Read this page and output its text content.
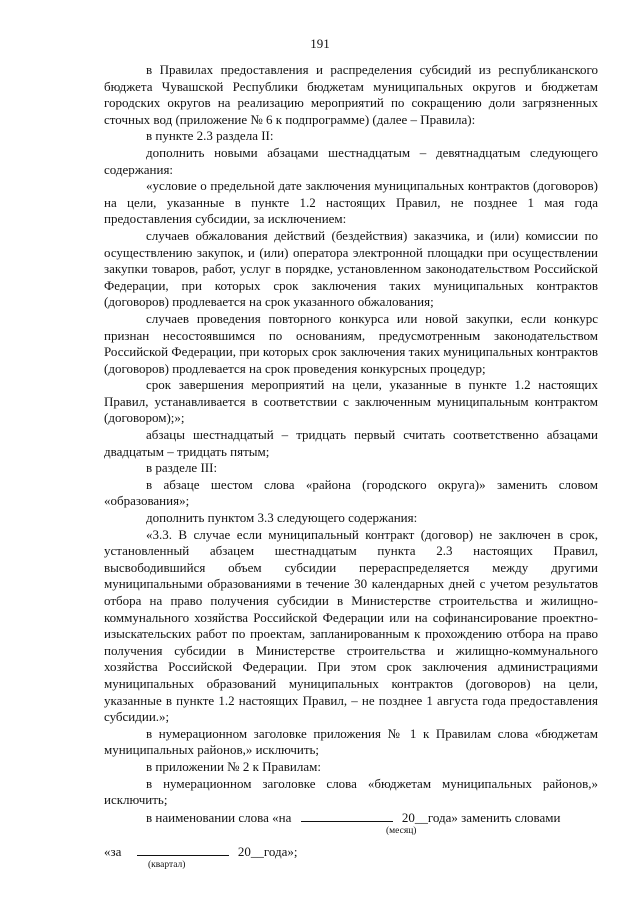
191

в Правилах предоставления и распределения субсидий из республиканского бюджета Чувашской Республики бюджетам муниципальных округов и бюджетам городских округов на реализацию мероприятий по сокращению доли загрязненных сточных вод (приложение № 6 к подпрограмме) (далее – Правила):

в пункте 2.3 раздела II:

дополнить новыми абзацами шестнадцатым – девятнадцатым следующего содержания:

«условие о предельной дате заключения муниципальных контрактов (договоров) на цели, указанные в пункте 1.2 настоящих Правил, не позднее 1 мая года предоставления субсидии, за исключением:

случаев обжалования действий (бездействия) заказчика, и (или) комиссии по осуществлению закупок, и (или) оператора электронной площадки при осуществлении закупки товаров, работ, услуг в порядке, установленном законодательством Российской Федерации, при которых срок заключения таких муниципальных контрактов (договоров) продлевается на срок указанного обжалования;

случаев проведения повторного конкурса или новой закупки, если конкурс признан несостоявшимся по основаниям, предусмотренным законодательством Российской Федерации, при которых срок заключения таких муниципальных контрактов (договоров) продлевается на срок проведения конкурсных процедур;

срок завершения мероприятий на цели, указанные в пункте 1.2 настоящих Правил, устанавливается в соответствии с заключенным муниципальным контрактом (договором);»;

абзацы шестнадцатый – тридцать первый считать соответственно абзацами двадцатым – тридцать пятым;

в разделе III:

в абзаце шестом слова «района (городского округа)» заменить словом «образования»;

дополнить пунктом 3.3 следующего содержания:

«3.3. В случае если муниципальный контракт (договор) не заключен в срок, установленный абзацем шестнадцатым пункта 2.3 настоящих Правил, высвободившийся объем субсидии перераспределяется между другими муниципальными образованиями в течение 30 календарных дней с учетом результатов отбора на право получения субсидии в Министерстве строительства и жилищно-коммунального хозяйства Российской Федерации или на софинансирование проектно-изыскательских работ по проектам, запланированным к прохождению отбора на право получения субсидии в Министерстве строительства и жилищно-коммунального хозяйства Российской Федерации. При этом срок заключения администрациями муниципальных образований муниципальных контрактов (договоров) на цели, указанные в пункте 1.2 настоящих Правил, – не позднее 1 августа года предоставления субсидии.»;

в нумерационном заголовке приложения № 1 к Правилам слова «бюджетам муниципальных районов,» исключить;

в приложении № 2 к Правилам:

в нумерационном заголовке слова «бюджетам муниципальных районов,» исключить;

в наименовании слова «на	20__года» заменить словами
(месяц)

«за	20__года»;
(квартал)
